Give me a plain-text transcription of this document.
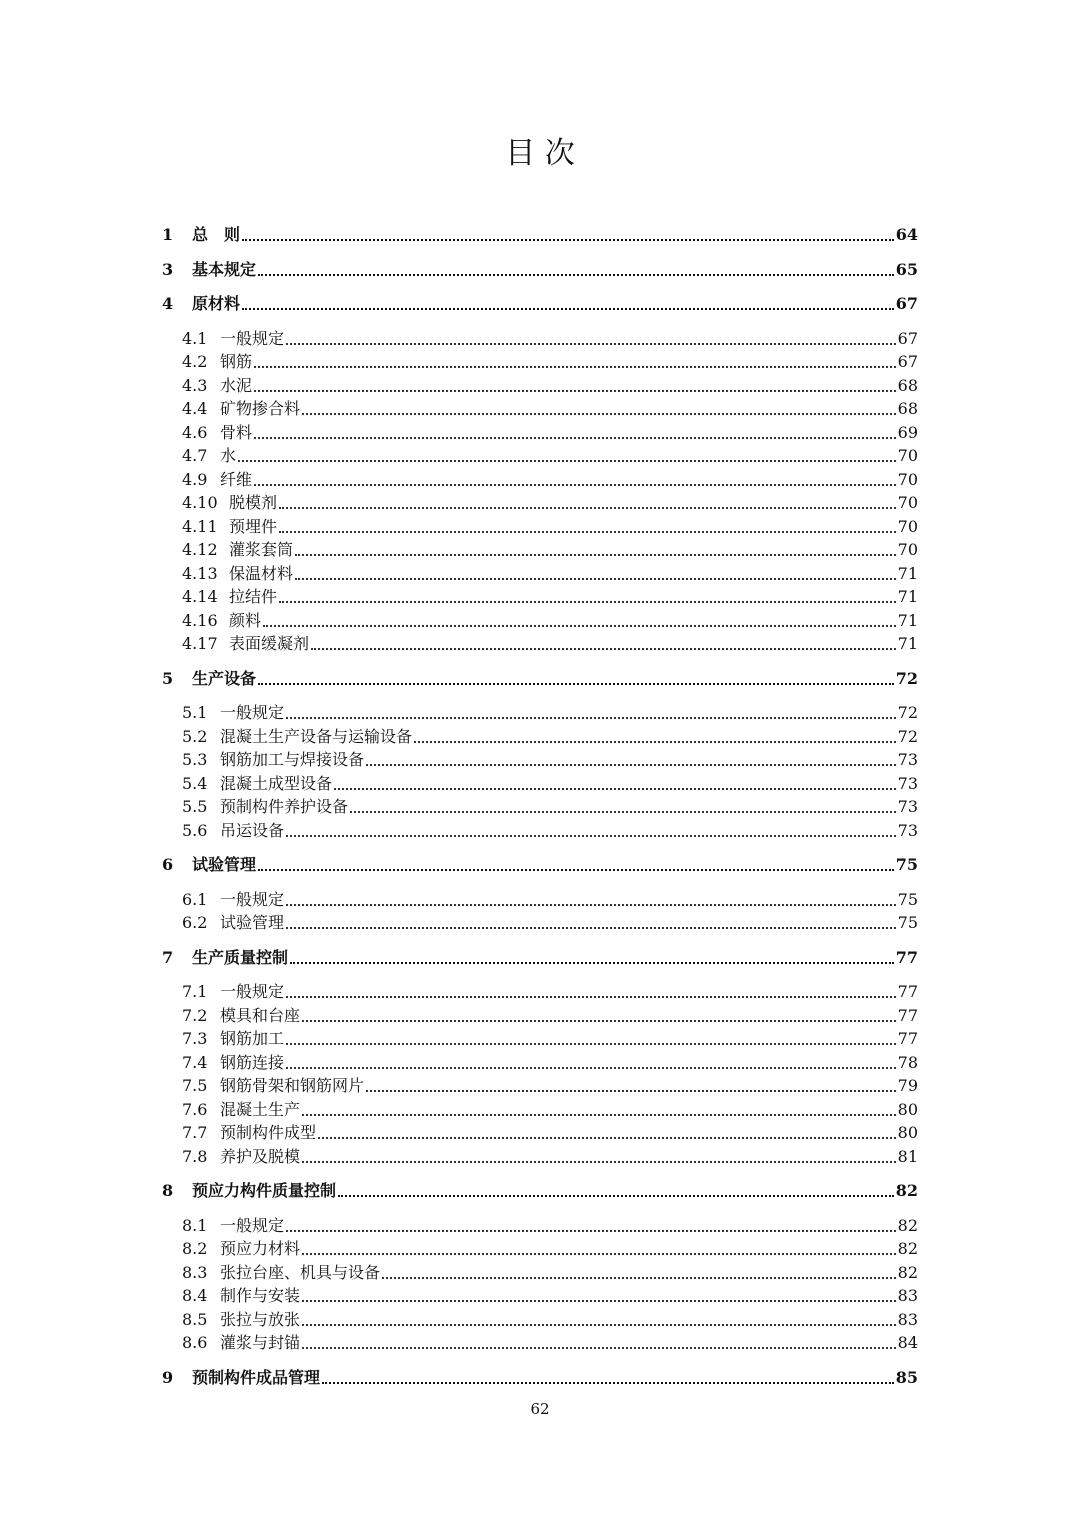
目 次
1	总　则	64
3	基本规定	65
4	原材料	67
4.1 一般规定	67
4.2 钢筋	67
4.3 水泥	68
4.4 矿物掺合料	68
4.6 骨料	69
4.7 水	70
4.9 纤维	70
4.10 脱模剂	70
4.11 预埋件	70
4.12 灌浆套筒	70
4.13 保温材料	71
4.14 拉结件	71
4.16 颜料	71
4.17 表面缓凝剂	71
5	生产设备	72
5.1 一般规定	72
5.2 混凝土生产设备与运输设备	72
5.3 钢筋加工与焊接设备	73
5.4 混凝土成型设备	73
5.5 预制构件养护设备	73
5.6 吊运设备	73
6	试验管理	75
6.1 一般规定	75
6.2 试验管理	75
7	生产质量控制	77
7.1 一般规定	77
7.2 模具和台座	77
7.3 钢筋加工	77
7.4 钢筋连接	78
7.5 钢筋骨架和钢筋网片	79
7.6 混凝土生产	80
7.7 预制构件成型	80
7.8 养护及脱模	81
8	预应力构件质量控制	82
8.1 一般规定	82
8.2 预应力材料	82
8.3 张拉台座、机具与设备	82
8.4 制作与安装	83
8.5 张拉与放张	83
8.6 灌浆与封锚	84
9	预制构件成品管理	85
62
